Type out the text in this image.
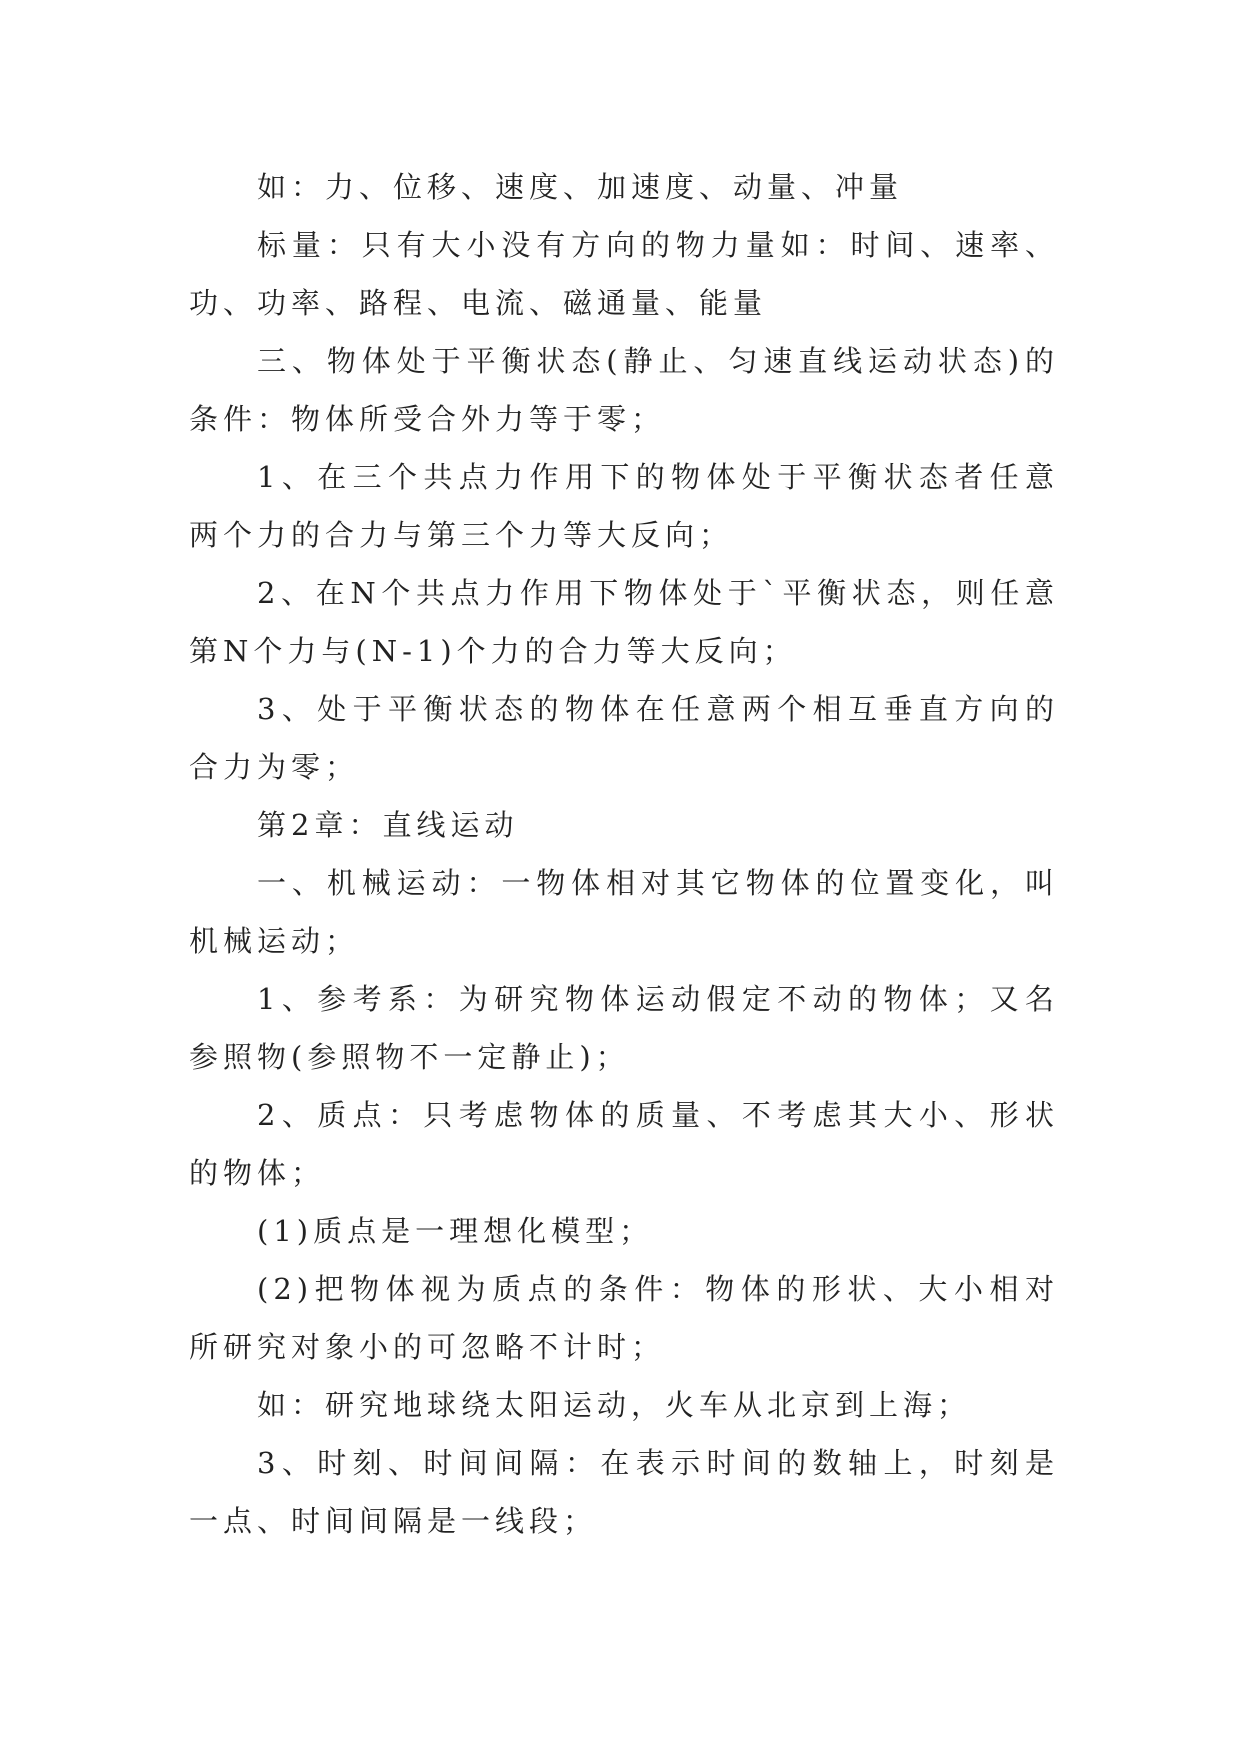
如：力、位移、速度、加速度、动量、冲量

标量：只有大小没有方向的物力量如：时间、速率、功、功率、路程、电流、磁通量、能量

三、物体处于平衡状态(静止、匀速直线运动状态)的条件：物体所受合外力等于零；

1、在三个共点力作用下的物体处于平衡状态者任意两个力的合力与第三个力等大反向；

2、在N个共点力作用下物体处于`平衡状态，则任意第N个力与(N-1)个力的合力等大反向；

3、处于平衡状态的物体在任意两个相互垂直方向的合力为零；

第2章：直线运动

一、机械运动：一物体相对其它物体的位置变化，叫机械运动；

1、参考系：为研究物体运动假定不动的物体；又名参照物(参照物不一定静止)；

2、质点：只考虑物体的质量、不考虑其大小、形状的物体；

(1)质点是一理想化模型；

(2)把物体视为质点的条件：物体的形状、大小相对所研究对象小的可忽略不计时；

如：研究地球绕太阳运动，火车从北京到上海；

3、时刻、时间间隔：在表示时间的数轴上，时刻是一点、时间间隔是一线段；
